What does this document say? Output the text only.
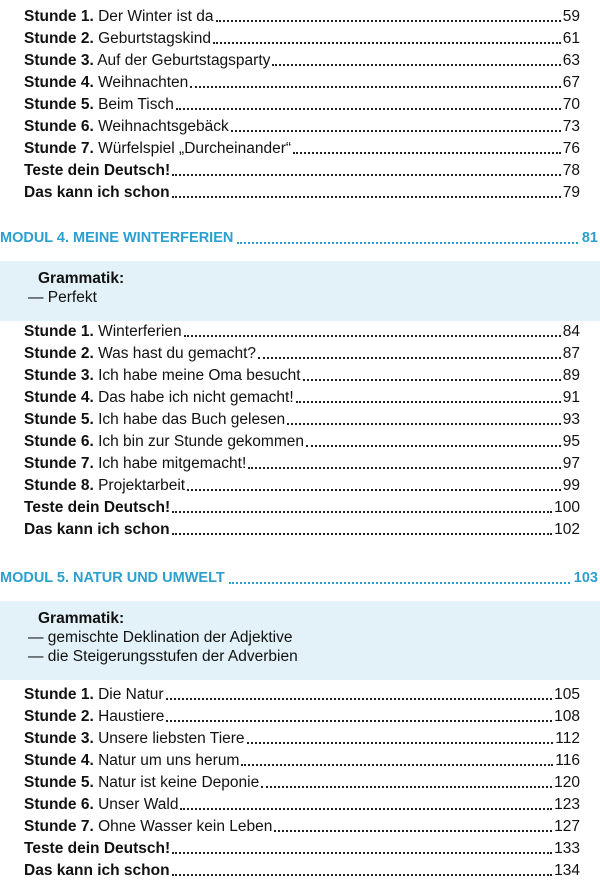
Stunde 1. Der Winter ist da	59
Stunde 2. Geburtstagskind	61
Stunde 3. Auf der Geburtstagsparty	63
Stunde 4. Weihnachten	67
Stunde 5. Beim Tisch	70
Stunde 6. Weihnachtsgebäck	73
Stunde 7. Würfelspiel „Durcheinander“	76
Teste dein Deutsch!	78
Das kann ich schon	79
MODUL 4. MEINE WINTERFERIEN	81
Grammatik:
— Perfekt
Stunde 1. Winterferien	84
Stunde 2. Was hast du gemacht?	87
Stunde 3. Ich habe meine Oma besucht	89
Stunde 4. Das habe ich nicht gemacht!	91
Stunde 5. Ich habe das Buch gelesen	93
Stunde 6. Ich bin zur Stunde gekommen	95
Stunde 7. Ich habe mitgemacht!	97
Stunde 8. Projektarbeit	99
Teste dein Deutsch!	100
Das kann ich schon	102
MODUL 5. NATUR UND UMWELT	103
Grammatik:
— gemischte Deklination der Adjektive
— die Steigerungsstufen der Adverbien
Stunde 1. Die Natur	105
Stunde 2. Haustiere	108
Stunde 3. Unsere liebsten Tiere	112
Stunde 4. Natur um uns herum	116
Stunde 5. Natur ist keine Deponie	120
Stunde 6. Unser Wald	123
Stunde 7. Ohne Wasser kein Leben	127
Teste dein Deutsch!	133
Das kann ich schon	134
